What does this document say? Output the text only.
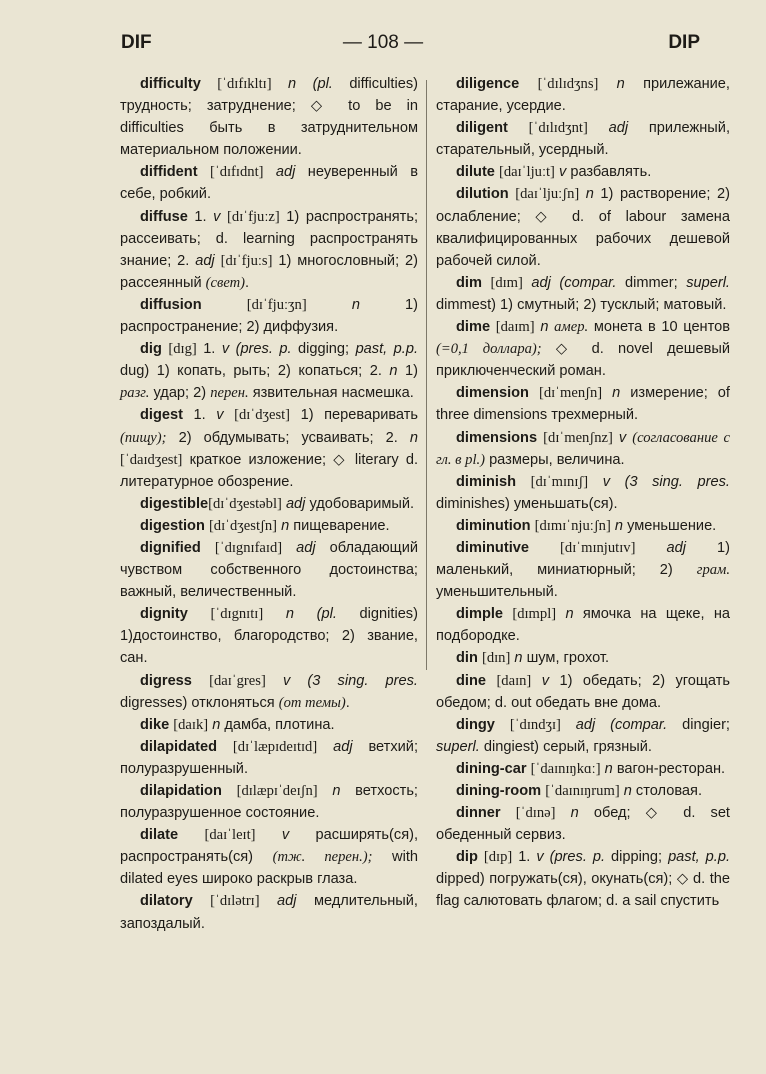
DIF	— 108 —	DIP

difficulty [ˈdɪfɪkltɪ] n (pl. difficulties) трудность; затруднение; ◇ to be in difficulties быть в затруднительном материальном положении.

diffident [ˈdɪfɪdnt] adj неуверенный в себе, робкий.

diffuse 1. v [dɪˈfjuːz] 1) распространять; рассеивать; d. learning распространять знание; 2. adj [dɪˈfjuːs] 1) многословный; 2) рассеянный (свет).

diffusion	[dɪˈfjuːʒn]	n 1) распространение; 2) диффузия.

dig [dɪg] 1. v (pres. p. digging; past, p.p. dug) 1) копать, рыть; 2) копаться; 2. n 1) разг. удар; 2) перен. язвительная насмешка.

digest 1. v [dɪˈdʒest] 1) переваривать (пищу); 2) обдумывать; усваивать; 2. n [ˈdaɪdʒest] краткое изложение; ◇ literary d. литературное обозрение.

digestible[dɪˈdʒestəbl] adj удобоваримый.

digestion [dɪˈdʒestʃn] n пищеварение.

dignified [ˈdɪgnɪfaɪd] adj обладающий чувством собственного достоинства; важный, величественный.

dignity [ˈdɪgnɪtɪ] n (pl. dignities) 1)достоинство, благородство; 2) звание, сан.

digress [daɪˈgres] v (3 sing. pres. digresses) отклоняться (от темы).

dike [daɪk] n дамба, плотина.

dilapidated [dɪˈlæpɪdeɪtɪd] adj ветхий; полуразрушенный.

dilapidation [dɪlæpɪˈdeɪʃn] n ветхость; полуразрушенное состояние.

dilate [daɪˈleɪt] v расширять(ся), распространять(ся) (тж. перен.); with dilated eyes широко раскрыв глаза.

dilatory [ˈdɪlətrɪ] adj медлительный, запоздалый.

diligence [ˈdɪlɪdʒns] n прилежание, старание, усердие.

diligent [ˈdɪlɪdʒnt] adj прилежный, старательный, усердный.

dilute [daɪˈljuːt] v разбавлять.

dilution [daɪˈljuːʃn] n 1) растворение; 2) ослабление; ◇ d. of labour замена квалифицированных рабочих дешевой рабочей силой.

dim [dɪm] adj (compar. dimmer; superl. dimmest) 1) смутный; 2) тусклый; матовый.

dime [daɪm] n амер. монета в 10 центов (=0,1 доллара); ◇ d. novel дешевый приключенческий роман.

dimension [dɪˈmenʃn] n измерение; of three dimensions трехмерный.

dimensions [dɪˈmenʃnz] v (согласование с гл. в pl.) размеры, величина.

diminish [dɪˈmɪnɪʃ] v (3 sing. pres. diminishes) уменьшать(ся).

diminution [dɪmɪˈnjuːʃn] n уменьшение.

diminutive [dɪˈmɪnjutɪv] adj 1) маленький, миниатюрный; 2) грам. уменьшительный.

dimple [dɪmpl] n ямочка на щеке, на подбородке.

din [dɪn] n шум, грохот.

dine [daɪn] v 1) обедать; 2) угощать обедом; d. out обедать вне дома.

dingy [ˈdɪndʒɪ] adj (compar. dingier; superl. dingiest) серый, грязный.

dining-car [ˈdaɪnɪŋkɑː] n вагон-ресторан.

dining-room [ˈdaɪnɪŋrum] n столовая.

dinner [ˈdɪnə] n обед; ◇ d. set обеденный сервиз.

dip [dɪp] 1. v (pres. p. dipping; past, p.p. dipped) погружать(ся), окунать(ся); ◇ d. the flag салютовать флагом; d. a sail спустить
